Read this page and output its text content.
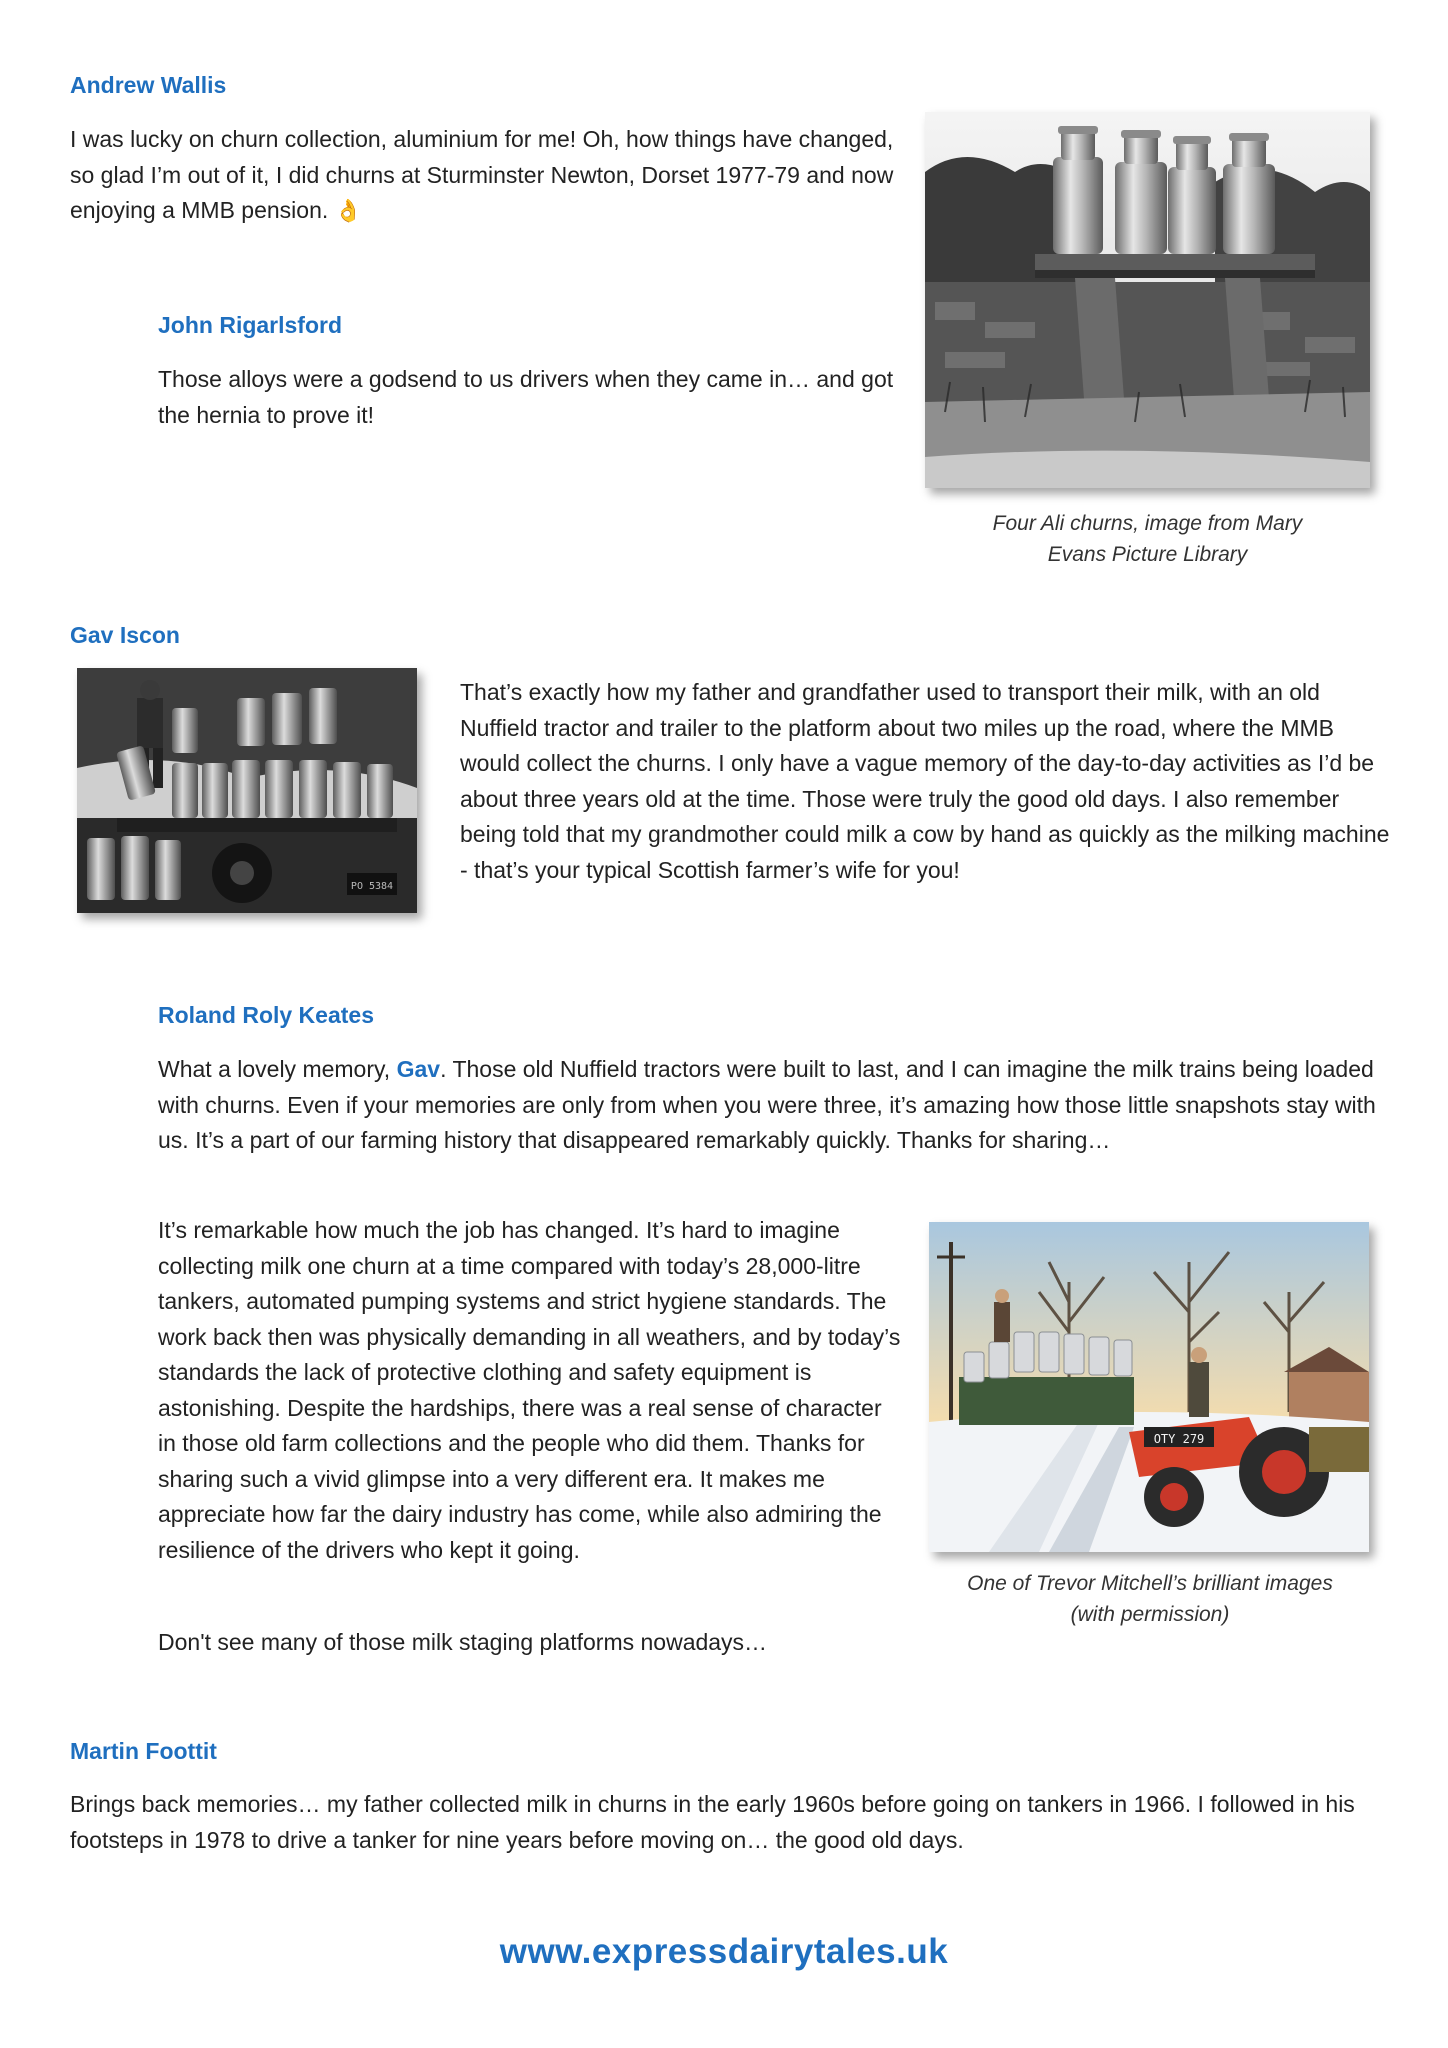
Andrew Wallis

I was lucky on churn collection, aluminium for me! Oh, how things have changed, so glad I’m out of it, I did churns at Sturminster Newton, Dorset 1977-79 and now enjoying a MMB pension. 👌

Four Ali churns, image from Mary Evans Picture Library

John Rigarlsford

Those alloys were a godsend to us drivers when they came in… and got the hernia to prove it!

Gav Iscon
PO 5384

That’s exactly how my father and grandfather used to transport their milk, with an old Nuffield tractor and trailer to the platform about two miles up the road, where the MMB would collect the churns. I only have a vague memory of the day-to-day activities as I’d be about three years old at the time. Those were truly the good old days. I also remember being told that my grandmother could milk a cow by hand as quickly as the milking machine - that’s your typical Scottish farmer’s wife for you!

Roland Roly Keates

What a lovely memory, Gav. Those old Nuffield tractors were built to last, and I can imagine the milk trains being loaded with churns. Even if your memories are only from when you were three, it’s amazing how those little snapshots stay with us. It’s a part of our farming history that disappeared remarkably quickly. Thanks for sharing…

It’s remarkable how much the job has changed. It’s hard to imagine collecting milk one churn at a time compared with today’s 28,000-litre tankers, automated pumping systems and strict hygiene standards. The work back then was physically demanding in all weathers, and by today’s standards the lack of protective clothing and safety equipment is astonishing. Despite the hardships, there was a real sense of character in those old farm collections and the people who did them. Thanks for sharing such a vivid glimpse into a very different era. It makes me appreciate how far the dairy industry has come, while also admiring the resilience of the drivers who kept it going.

Don't see many of those milk staging platforms nowadays…

OTY 279

One of Trevor Mitchell’s brilliant images (with permission)

Martin Foottit

Brings back memories… my father collected milk in churns in the early 1960s before going on tankers in 1966. I followed in his footsteps in 1978 to drive a tanker for nine years before moving on… the good old days.

www.expressdairytales.uk
